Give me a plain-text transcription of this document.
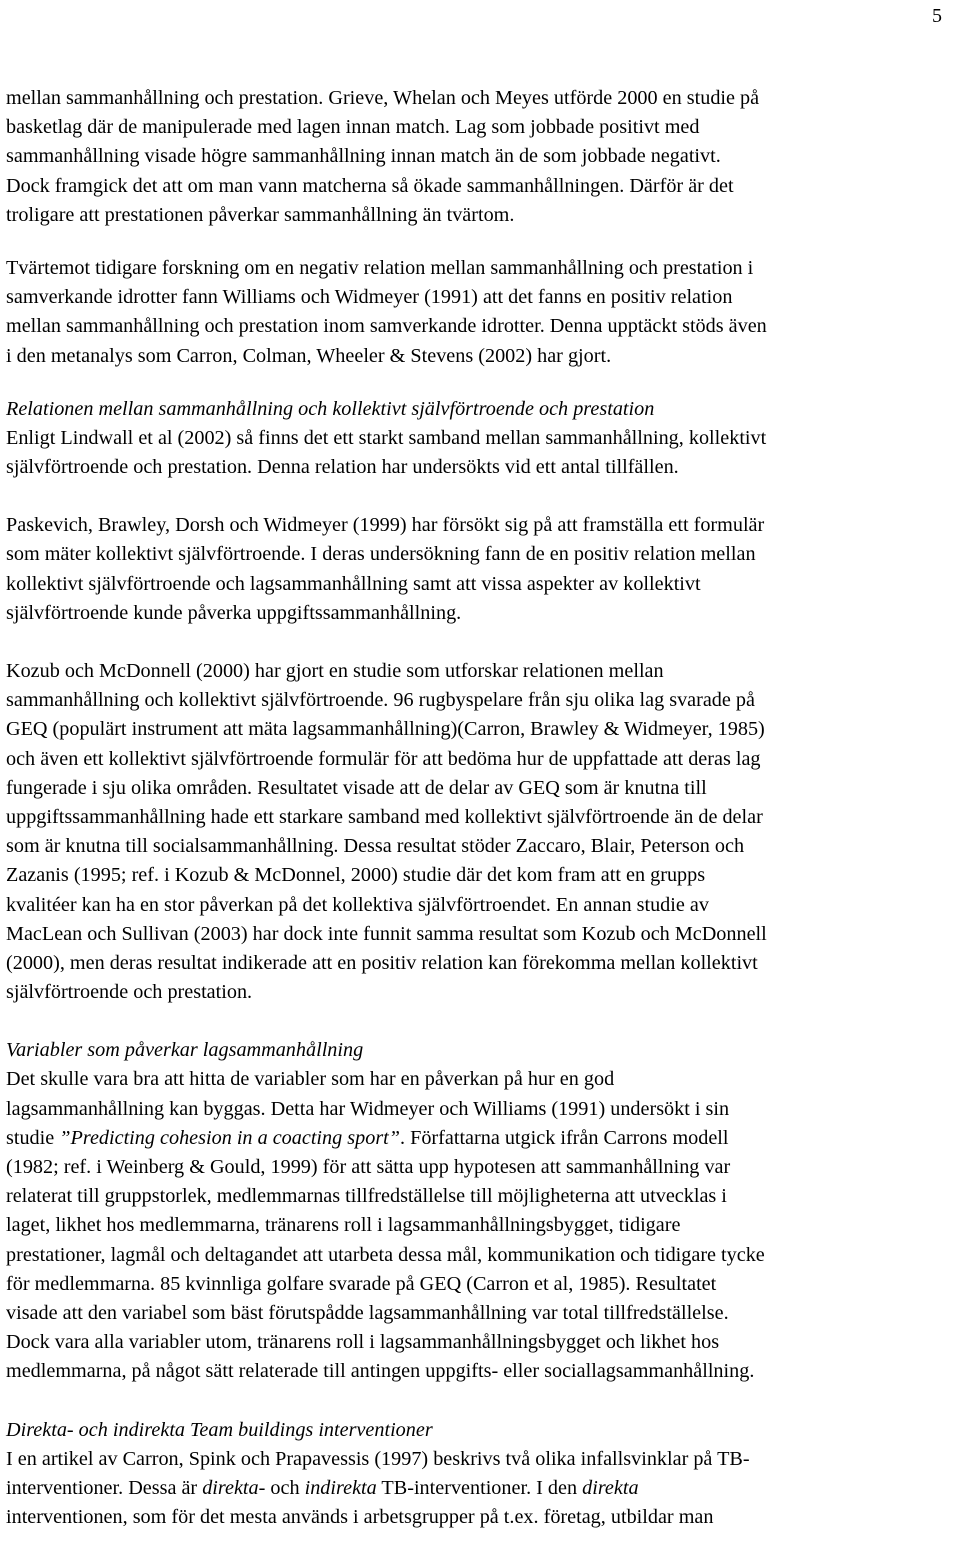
5
mellan sammanhållning och prestation. Grieve, Whelan och Meyes utförde 2000 en studie på
basketlag där de manipulerade med lagen innan match. Lag som jobbade positivt med
sammanhållning visade högre sammanhållning innan match än de som jobbade negativt.
Dock framgick det att om man vann matcherna så ökade sammanhållningen. Därför är det
troligare att prestationen påverkar sammanhållning än tvärtom.
Tvärtemot tidigare forskning om en negativ relation mellan sammanhållning och prestation i
samverkande idrotter fann Williams och Widmeyer (1991) att det fanns en positiv relation
mellan sammanhållning och prestation inom samverkande idrotter. Denna upptäckt stöds även
i den metanalys som Carron, Colman, Wheeler & Stevens (2002) har gjort.
Relationen mellan sammanhållning och kollektivt självförtroende och prestation
Enligt Lindwall et al (2002) så finns det ett starkt samband mellan sammanhållning, kollektivt
självförtroende och prestation. Denna relation har undersökts vid ett antal tillfällen.
Paskevich, Brawley, Dorsh och Widmeyer (1999) har försökt sig på att framställa ett formulär
som mäter kollektivt självförtroende. I deras undersökning fann de en positiv relation mellan
kollektivt självförtroende och lagsammanhållning samt att vissa aspekter av kollektivt
självförtroende kunde påverka uppgiftssammanhållning.
Kozub och McDonnell (2000) har gjort en studie som utforskar relationen mellan
sammanhållning och kollektivt självförtroende. 96 rugbyspelare från sju olika lag svarade på
GEQ (populärt instrument att mäta lagsammanhållning)(Carron, Brawley & Widmeyer, 1985)
och även ett kollektivt självförtroende formulär för att bedöma hur de uppfattade att deras lag
fungerade i sju olika områden. Resultatet visade att de delar av GEQ som är knutna till
uppgiftssammanhållning hade ett starkare samband med kollektivt självförtroende än de delar
som är knutna till socialsammanhållning. Dessa resultat stöder Zaccaro, Blair, Peterson och
Zazanis (1995; ref. i Kozub & McDonnel, 2000) studie där det kom fram att en grupps
kvalitéer kan ha en stor påverkan på det kollektiva självförtroendet. En annan studie av
MacLean och Sullivan (2003) har dock inte funnit samma resultat som Kozub och McDonnell
(2000), men deras resultat indikerade att en positiv relation kan förekomma mellan kollektivt
självförtroende och prestation.
Variabler som påverkar lagsammanhållning
Det skulle vara bra att hitta de variabler som har en påverkan på hur en god
lagsammanhållning kan byggas. Detta har Widmeyer och Williams (1991) undersökt i sin
studie ”Predicting cohesion in a coacting sport”. Författarna utgick ifrån Carrons modell
(1982; ref. i Weinberg & Gould, 1999) för att sätta upp hypotesen att sammanhållning var
relaterat till gruppstorlek, medlemmarnas tillfredställelse till möjligheterna att utvecklas i
laget, likhet hos medlemmarna, tränarens roll i lagsammanhållningsbygget, tidigare
prestationer, lagmål och deltagandet att utarbeta dessa mål, kommunikation och tidigare tycke
för medlemmarna. 85 kvinnliga golfare svarade på GEQ (Carron et al, 1985). Resultatet
visade att den variabel som bäst förutspådde lagsammanhållning var total tillfredställelse.
Dock vara alla variabler utom, tränarens roll i lagsammanhållningsbygget och likhet hos
medlemmarna, på något sätt relaterade till antingen uppgifts- eller sociallagsammanhållning.
Direkta- och indirekta Team buildings interventioner
I en artikel av Carron, Spink och Prapavessis (1997) beskrivs två olika infallsvinklar på TB-
interventioner. Dessa är direkta- och indirekta TB-interventioner. I den direkta
interventionen, som för det mesta används i arbetsgrupper på t.ex. företag, utbildar man
